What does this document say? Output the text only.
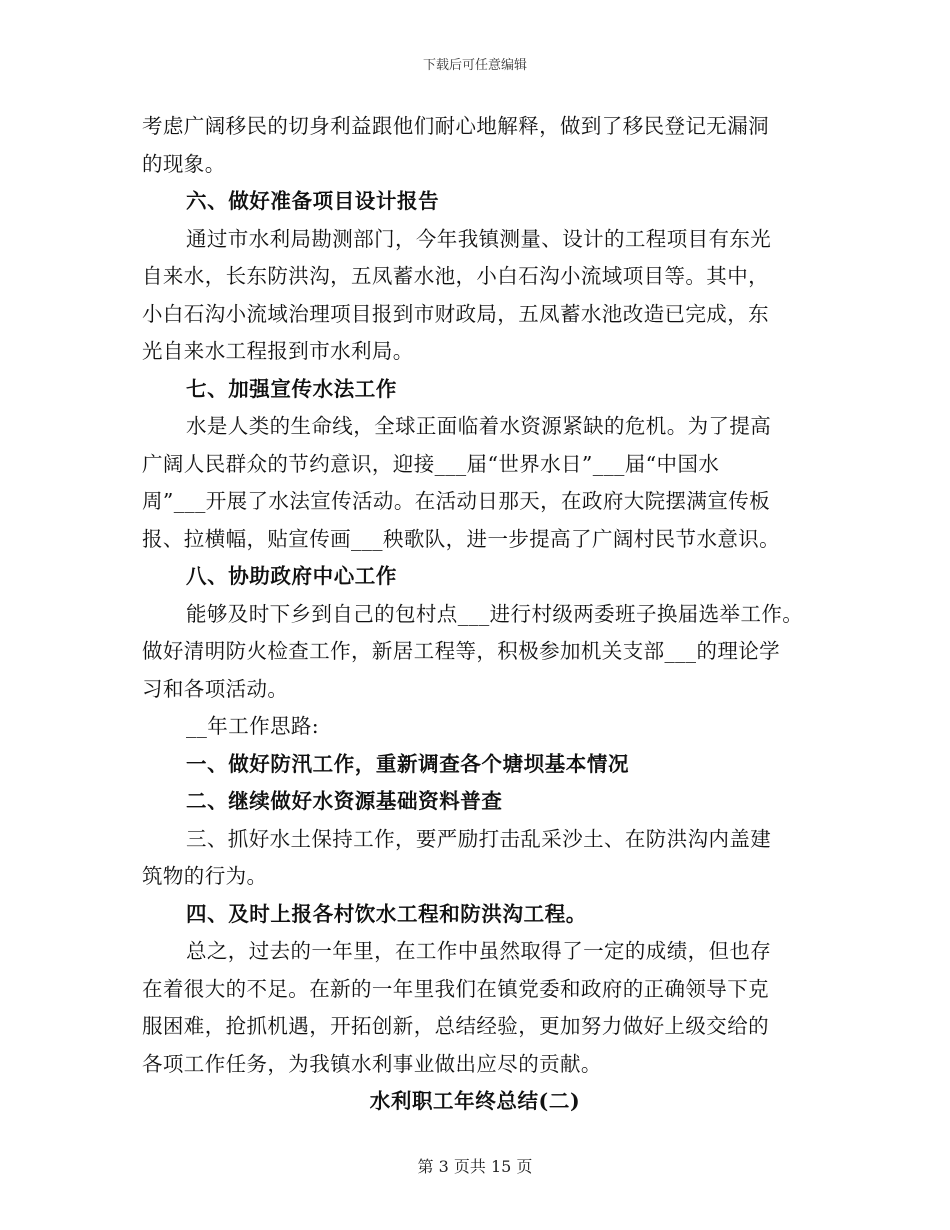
下载后可任意编辑
考虑广阔移民的切身利益跟他们耐心地解释，做到了移民登记无漏洞
的现象。
六、做好准备项目设计报告
通过市水利局勘测部门，今年我镇测量、设计的工程项目有东光
自来水，长东防洪沟，五凤蓄水池，小白石沟小流域项目等。其中，
小白石沟小流域治理项目报到市财政局，五凤蓄水池改造已完成，东
光自来水工程报到市水利局。
七、加强宣传水法工作
水是人类的生命线，全球正面临着水资源紧缺的危机。为了提高
广阔人民群众的节约意识，迎接___届“世界水日”___届“中国水
周”___开展了水法宣传活动。在活动日那天，在政府大院摆满宣传板
报、拉横幅，贴宣传画___秧歌队，进一步提高了广阔村民节水意识。
八、协助政府中心工作
能够及时下乡到自己的包村点___进行村级两委班子换届选举工作。
做好清明防火检查工作，新居工程等，积极参加机关支部___的理论学
习和各项活动。
__年工作思路:
一、做好防汛工作，重新调查各个塘坝基本情况
二、继续做好水资源基础资料普查
三、抓好水土保持工作，要严励打击乱采沙土、在防洪沟内盖建
筑物的行为。
四、及时上报各村饮水工程和防洪沟工程。
总之，过去的一年里，在工作中虽然取得了一定的成绩，但也存
在着很大的不足。在新的一年里我们在镇党委和政府的正确领导下克
服困难，抢抓机遇，开拓创新，总结经验，更加努力做好上级交给的
各项工作任务，为我镇水利事业做出应尽的贡献。
水利职工年终总结(二)
第 3 页共 15 页
